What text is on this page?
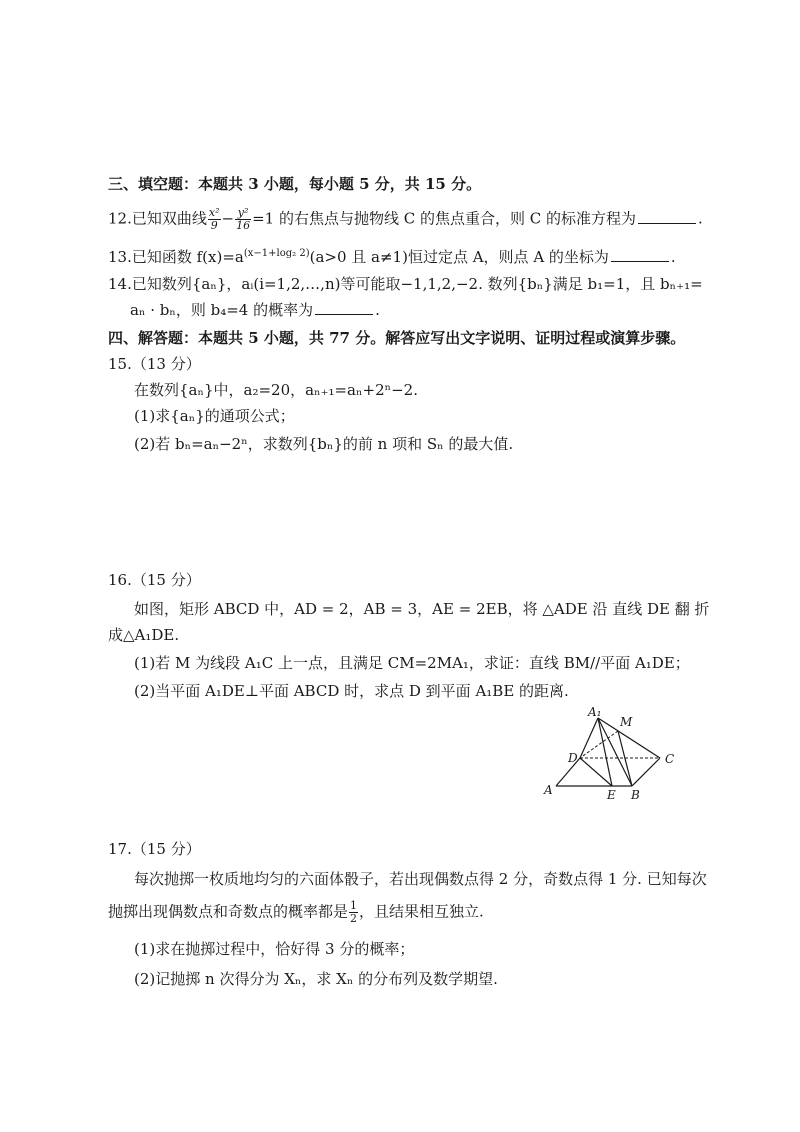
三、填空题：本题共 3 小题，每小题 5 分，共 15 分。
12.已知双曲线 $\frac{\text{x²}}{9} - \frac{\text{y²}}{16} =1$ 的右焦点与抛物线 C 的焦点重合，则 C 的标准方程为	.
13.已知函数 $f(x)=a^{(x-1+log_2 2)}(a>0$ 且 a≠1)恒过定点 A，则点 A 的坐标为	.
14.已知数列{aₙ}，aᵢ(i=1,2,…,n)等可能取−1,1,2,−2. 数列{bₙ}满足 b₁=1，且 bₙ₊₁=
aₙ · bₙ，则 b₄=4 的概率为	.
四、解答题：本题共 5 小题，共 77 分。解答应写出文字说明、证明过程或演算步骤。
15.（13 分）
在数列{aₙ}中，a₂=20，aₙ₊₁=aₙ+2ⁿ−2.
(1)求{aₙ}的通项公式；
(2)若 bₙ=aₙ−2ⁿ，求数列{bₙ}的前 n 项和 Sₙ 的最大值.
16.（15 分）
如图，矩形 ABCD 中，AD = 2，AB = 3，AE = 2EB，将 △ADE 沿 直线 DE 翻 折
成△A₁DE.
(1)若 M 为线段 A₁C 上一点，且满足 CM=2MA₁，求证：直线 BM//平面 A₁DE；
(2)当平面 A₁DE⊥平面 ABCD 时，求点 D 到平面 A₁BE 的距离.
A₁
M
D	C
A	E B
17.（15 分）
每次抛掷一枚质地均匀的六面体骰子，若出现偶数点得 2 分，奇数点得 1 分. 已知每次
抛掷出现偶数点和奇数点的概率都是 $\frac{1}{2}$ ，且结果相互独立.
(1)求在抛掷过程中，恰好得 3 分的概率；
(2)记抛掷 n 次得分为 Xₙ，求 Xₙ 的分布列及数学期望.
